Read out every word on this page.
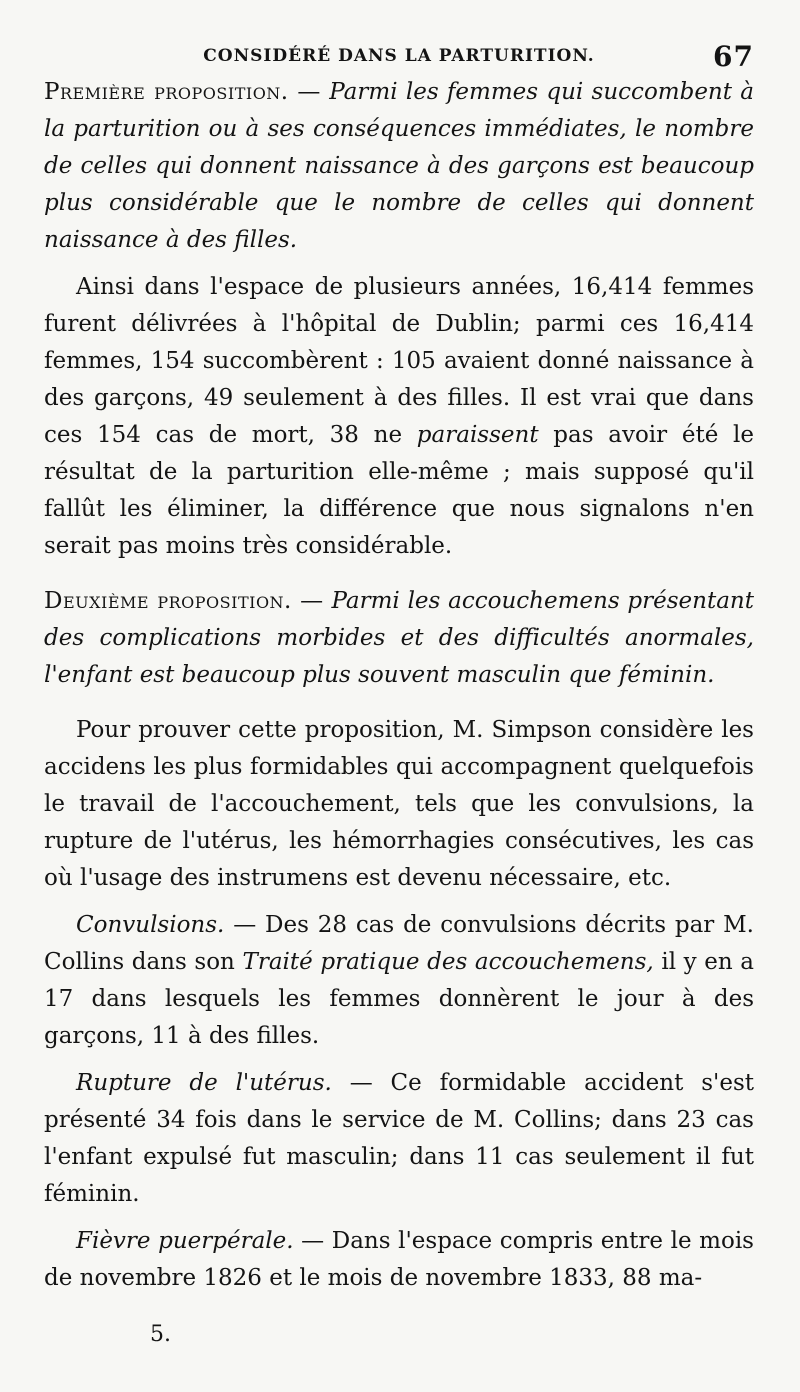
CONSIDÉRÉ DANS LA PARTURITION.	67

Première proposition. — Parmi les femmes qui succombent à la parturition ou à ses conséquences immédiates, le nombre de celles qui donnent naissance à des garçons est beaucoup plus considérable que le nombre de celles qui donnent naissance à des filles.

Ainsi dans l'espace de plusieurs années, 16,414 femmes furent délivrées à l'hôpital de Dublin; parmi ces 16,414 femmes, 154 succombèrent : 105 avaient donné naissance à des garçons, 49 seulement à des filles. Il est vrai que dans ces 154 cas de mort, 38 ne paraissent pas avoir été le résultat de la parturition elle-même ; mais supposé qu'il fallût les éliminer, la différence que nous signalons n'en serait pas moins très considérable.

Deuxième proposition. — Parmi les accouchemens présentant des complications morbides et des difficultés anormales, l'enfant est beaucoup plus souvent masculin que féminin.

Pour prouver cette proposition, M. Simpson considère les accidens les plus formidables qui accompagnent quelquefois le travail de l'accouchement, tels que les convulsions, la rupture de l'utérus, les hémorrhagies consécutives, les cas où l'usage des instrumens est devenu nécessaire, etc.

Convulsions. — Des 28 cas de convulsions décrits par M. Collins dans son Traité pratique des accouchemens, il y en a 17 dans lesquels les femmes donnèrent le jour à des garçons, 11 à des filles.

Rupture de l'utérus. — Ce formidable accident s'est présenté 34 fois dans le service de M. Collins; dans 23 cas l'enfant expulsé fut masculin; dans 11 cas seulement il fut féminin.

Fièvre puerpérale. — Dans l'espace compris entre le mois de novembre 1826 et le mois de novembre 1833, 88 ma-

5.
